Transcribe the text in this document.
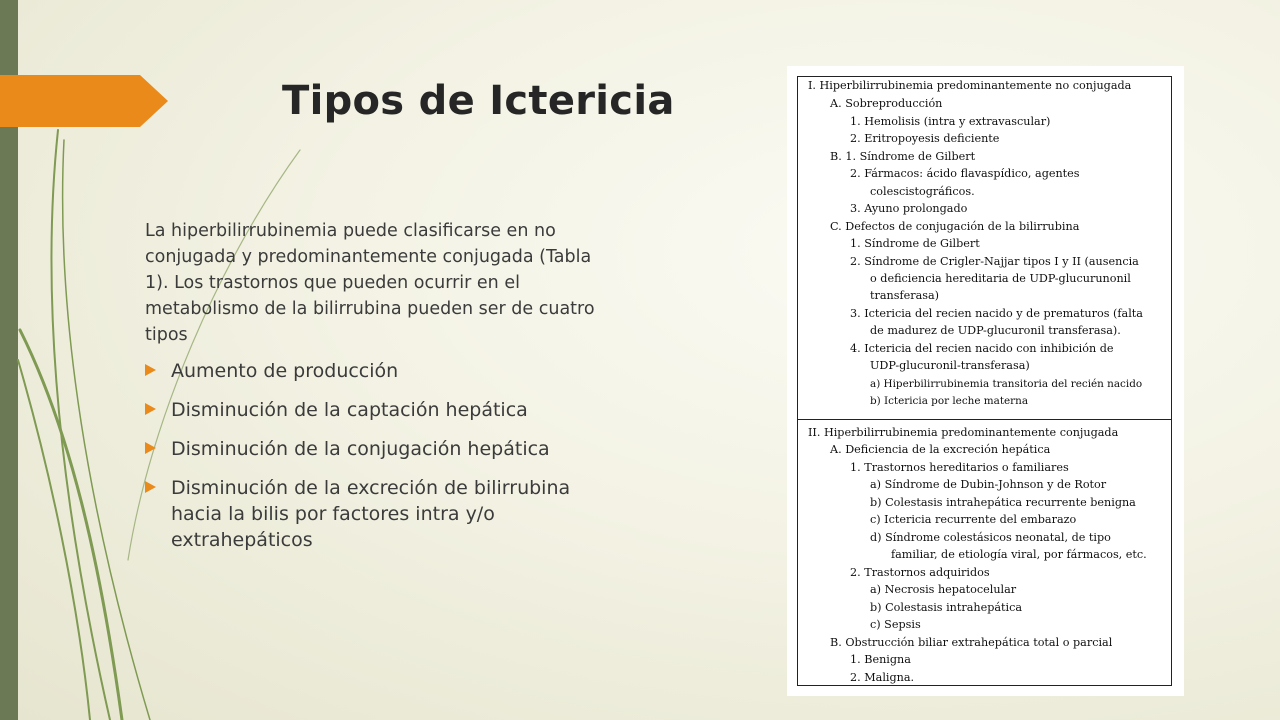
Tipos de Ictericia

La hiperbilirrubinemia puede clasificarse en no conjugada y predominantemente conjugada (Tabla 1). Los trastornos que pueden ocurrir en el metabolismo de la bilirrubina pueden ser de cuatro tipos

Aumento de producción
Disminución de la captación hepática
Disminución de la conjugación hepática
Disminución de la excreción de bilirrubina hacia la bilis por factores intra y/o extrahepáticos
I. Hiperbilirrubinemia predominantemente no conjugada
A. Sobreproducción
1. Hemolisis (intra y extravascular)
2. Eritropoyesis deficiente
B. 1. Síndrome de Gilbert
2. Fármacos: ácido flavaspídico, agentes
colescistográficos.
3. Ayuno prolongado
C. Defectos de conjugación de la bilirrubina
1. Síndrome de Gilbert
2. Síndrome de Crigler-Najjar tipos I y II (ausencia
o deficiencia hereditaria de UDP-glucurunonil
transferasa)
3. Ictericia del recien nacido y de prematuros (falta
de madurez de UDP-glucuronil transferasa).
4. Ictericia del recien nacido con inhibición de
UDP-glucuronil-transferasa)
a) Hiperbilirrubinemia transitoria del recién nacido
b) Ictericia por leche materna
II. Hiperbilirrubinemia predominantemente conjugada
A. Deficiencia de la excreción hepática
1. Trastornos hereditarios o familiares
a) Síndrome de Dubin-Johnson y de Rotor
b) Colestasis intrahepática recurrente benigna
c) Ictericia recurrente del embarazo
d) Síndrome colestásicos neonatal, de tipo
familiar, de etiología viral, por fármacos, etc.
2. Trastornos adquiridos
a) Necrosis hepatocelular
b) Colestasis intrahepática
c) Sepsis
B. Obstrucción biliar extrahepática total o parcial
1. Benigna
2. Maligna.
